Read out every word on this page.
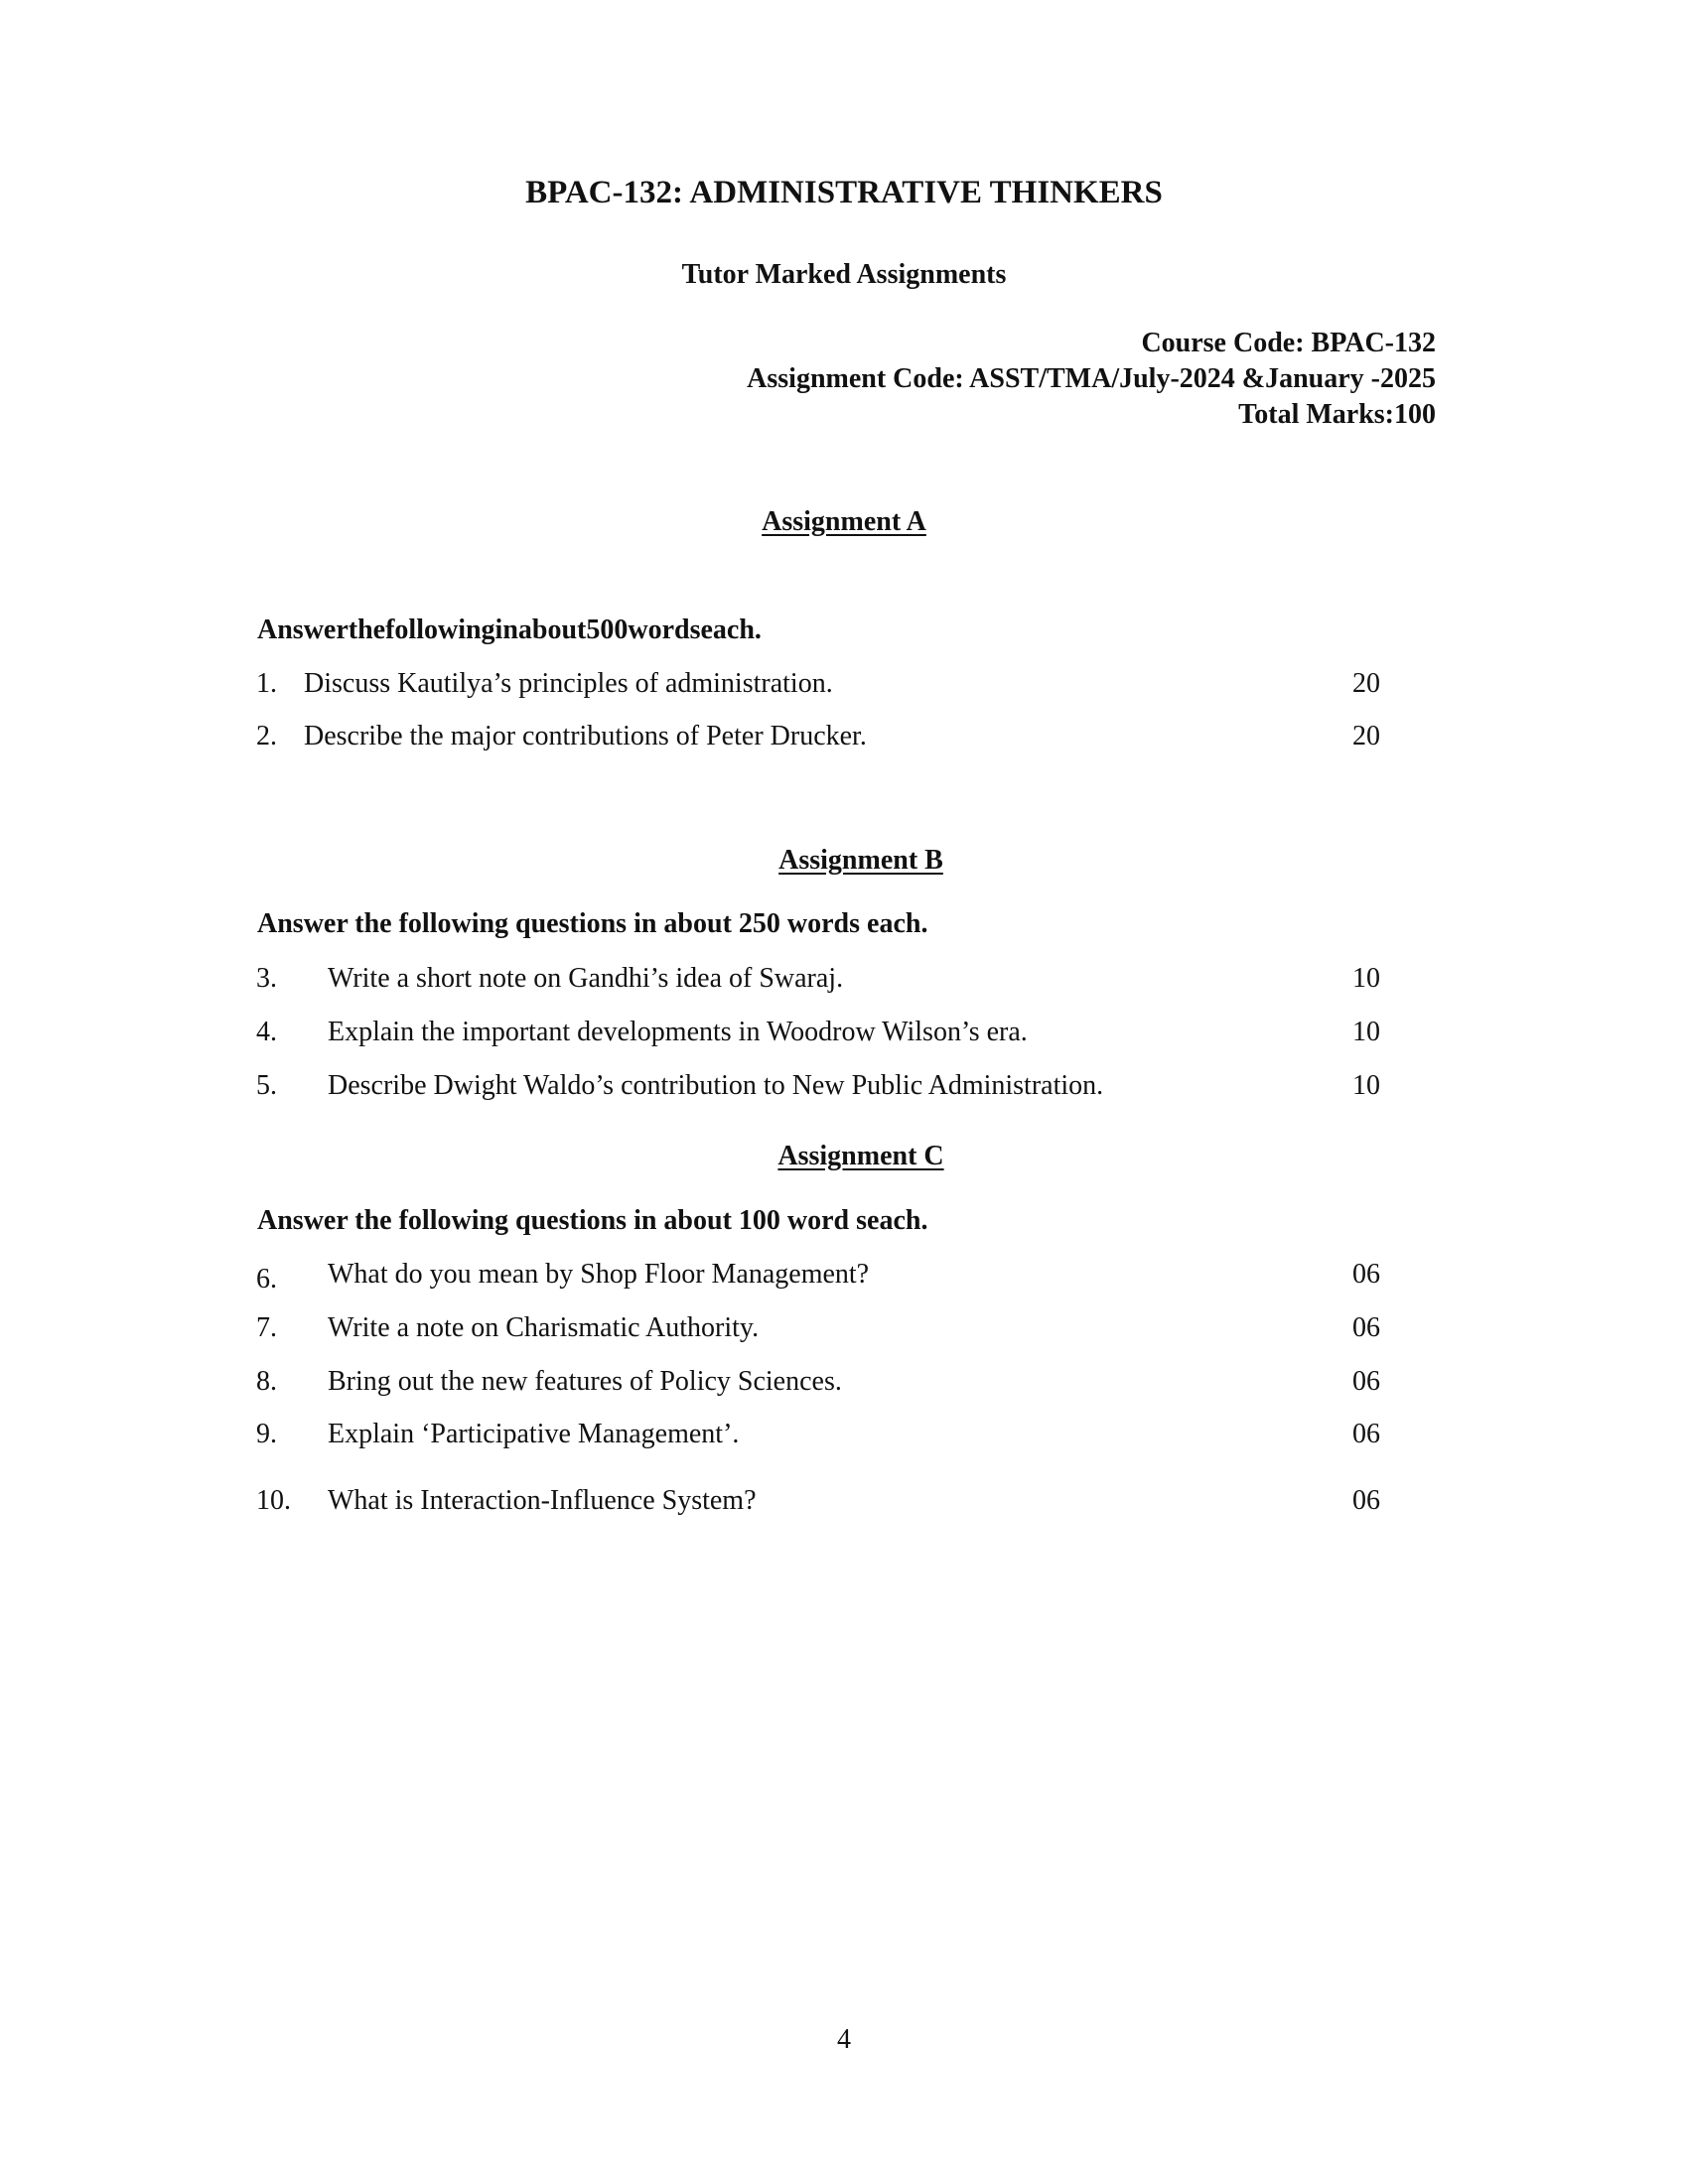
BPAC-132: ADMINISTRATIVE THINKERS
Tutor Marked Assignments
Course Code: BPAC-132
Assignment Code: ASST/TMA/July-2024 &January -2025
Total Marks:100
Assignment A
Answerthefollowinginabout500wordseach.
1. Discuss Kautilya’s principles of administration.	20
2. Describe the major contributions of Peter Drucker.	20
Assignment B
Answer the following questions in about 250 words each.
3. Write a short note on Gandhi’s idea of Swaraj.	10
4. Explain the important developments in Woodrow Wilson’s era.	10
5. Describe Dwight Waldo’s contribution to New Public Administration.	10
Assignment C
Answer the following questions in about 100 word seach.
6. What do you mean by Shop Floor Management?	06
7. Write a note on Charismatic Authority.	06
8. Bring out the new features of Policy Sciences.	06
9. Explain ‘Participative Management’.	06
10. What is Interaction-Influence System?	06
4
